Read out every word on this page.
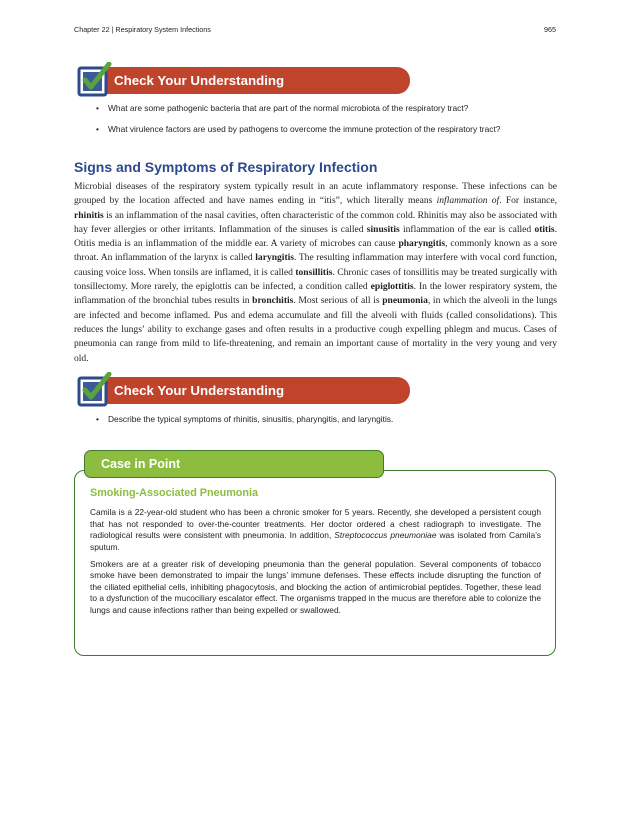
Chapter 22 | Respiratory System Infections	965
Check Your Understanding
• What are some pathogenic bacteria that are part of the normal microbiota of the respiratory tract?
• What virulence factors are used by pathogens to overcome the immune protection of the respiratory tract?
Signs and Symptoms of Respiratory Infection
Microbial diseases of the respiratory system typically result in an acute inflammatory response. These infections can be grouped by the location affected and have names ending in “itis”, which literally means inflammation of. For instance, rhinitis is an inflammation of the nasal cavities, often characteristic of the common cold. Rhinitis may also be associated with hay fever allergies or other irritants. Inflammation of the sinuses is called sinusitis inflammation of the ear is called otitis. Otitis media is an inflammation of the middle ear. A variety of microbes can cause pharyngitis, commonly known as a sore throat. An inflammation of the larynx is called laryngitis. The resulting inflammation may interfere with vocal cord function, causing voice loss. When tonsils are inflamed, it is called tonsillitis. Chronic cases of tonsillitis may be treated surgically with tonsillectomy. More rarely, the epiglottis can be infected, a condition called epiglottitis. In the lower respiratory system, the inflammation of the bronchial tubes results in bronchitis. Most serious of all is pneumonia, in which the alveoli in the lungs are infected and become inflamed. Pus and edema accumulate and fill the alveoli with fluids (called consolidations). This reduces the lungs’ ability to exchange gases and often results in a productive cough expelling phlegm and mucus. Cases of pneumonia can range from mild to life-threatening, and remain an important cause of mortality in the very young and very old.
Check Your Understanding
• Describe the typical symptoms of rhinitis, sinusitis, pharyngitis, and laryngitis.
Case in Point
Smoking-Associated Pneumonia

Camila is a 22-year-old student who has been a chronic smoker for 5 years. Recently, she developed a persistent cough that has not responded to over-the-counter treatments. Her doctor ordered a chest radiograph to investigate. The radiological results were consistent with pneumonia. In addition, Streptococcus pneumoniae was isolated from Camila’s sputum.

Smokers are at a greater risk of developing pneumonia than the general population. Several components of tobacco smoke have been demonstrated to impair the lungs’ immune defenses. These effects include disrupting the function of the ciliated epithelial cells, inhibiting phagocytosis, and blocking the action of antimicrobial peptides. Together, these lead to a dysfunction of the mucociliary escalator effect. The organisms trapped in the mucus are therefore able to colonize the lungs and cause infections rather than being expelled or swallowed.
